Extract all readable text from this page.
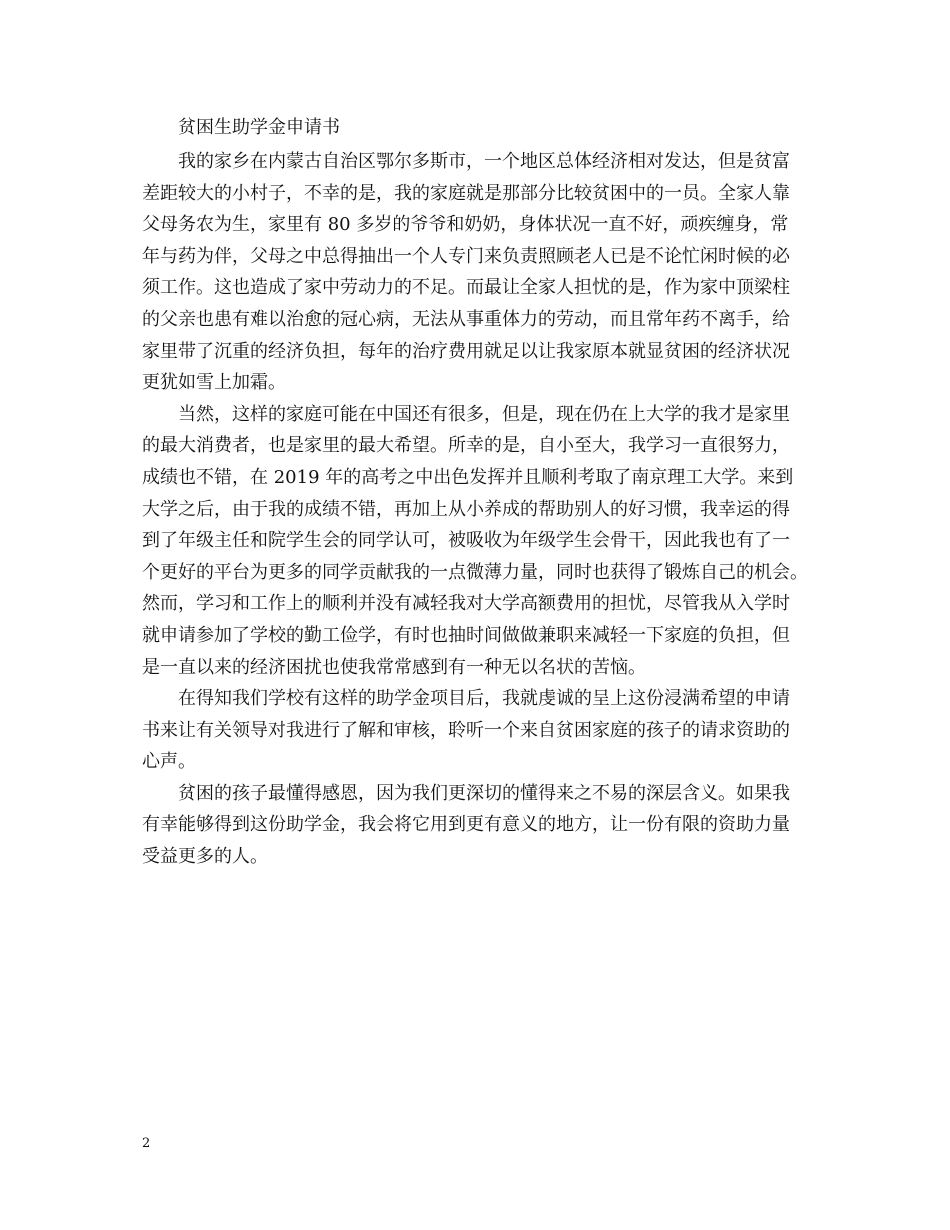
贫困生助学金申请书
我的家乡在内蒙古自治区鄂尔多斯市，一个地区总体经济相对发达，但是贫富
差距较大的小村子，不幸的是，我的家庭就是那部分比较贫困中的一员。全家人靠
父母务农为生，家里有 80 多岁的爷爷和奶奶，身体状况一直不好，顽疾缠身，常
年与药为伴，父母之中总得抽出一个人专门来负责照顾老人已是不论忙闲时候的必
须工作。这也造成了家中劳动力的不足。而最让全家人担忧的是，作为家中顶梁柱
的父亲也患有难以治愈的冠心病，无法从事重体力的劳动，而且常年药不离手，给
家里带了沉重的经济负担，每年的治疗费用就足以让我家原本就显贫困的经济状况
更犹如雪上加霜。
当然，这样的家庭可能在中国还有很多，但是，现在仍在上大学的我才是家里
的最大消费者，也是家里的最大希望。所幸的是，自小至大，我学习一直很努力，
成绩也不错，在 2019 年的高考之中出色发挥并且顺利考取了南京理工大学。来到
大学之后，由于我的成绩不错，再加上从小养成的帮助别人的好习惯，我幸运的得
到了年级主任和院学生会的同学认可，被吸收为年级学生会骨干，因此我也有了一
个更好的平台为更多的同学贡献我的一点微薄力量，同时也获得了锻炼自己的机会。
然而，学习和工作上的顺利并没有减轻我对大学高额费用的担忧，尽管我从入学时
就申请参加了学校的勤工俭学，有时也抽时间做做兼职来减轻一下家庭的负担，但
是一直以来的经济困扰也使我常常感到有一种无以名状的苦恼。
在得知我们学校有这样的助学金项目后，我就虔诚的呈上这份浸满希望的申请
书来让有关领导对我进行了解和审核，聆听一个来自贫困家庭的孩子的请求资助的
心声。
贫困的孩子最懂得感恩，因为我们更深切的懂得来之不易的深层含义。如果我
有幸能够得到这份助学金，我会将它用到更有意义的地方，让一份有限的资助力量
受益更多的人。
2
